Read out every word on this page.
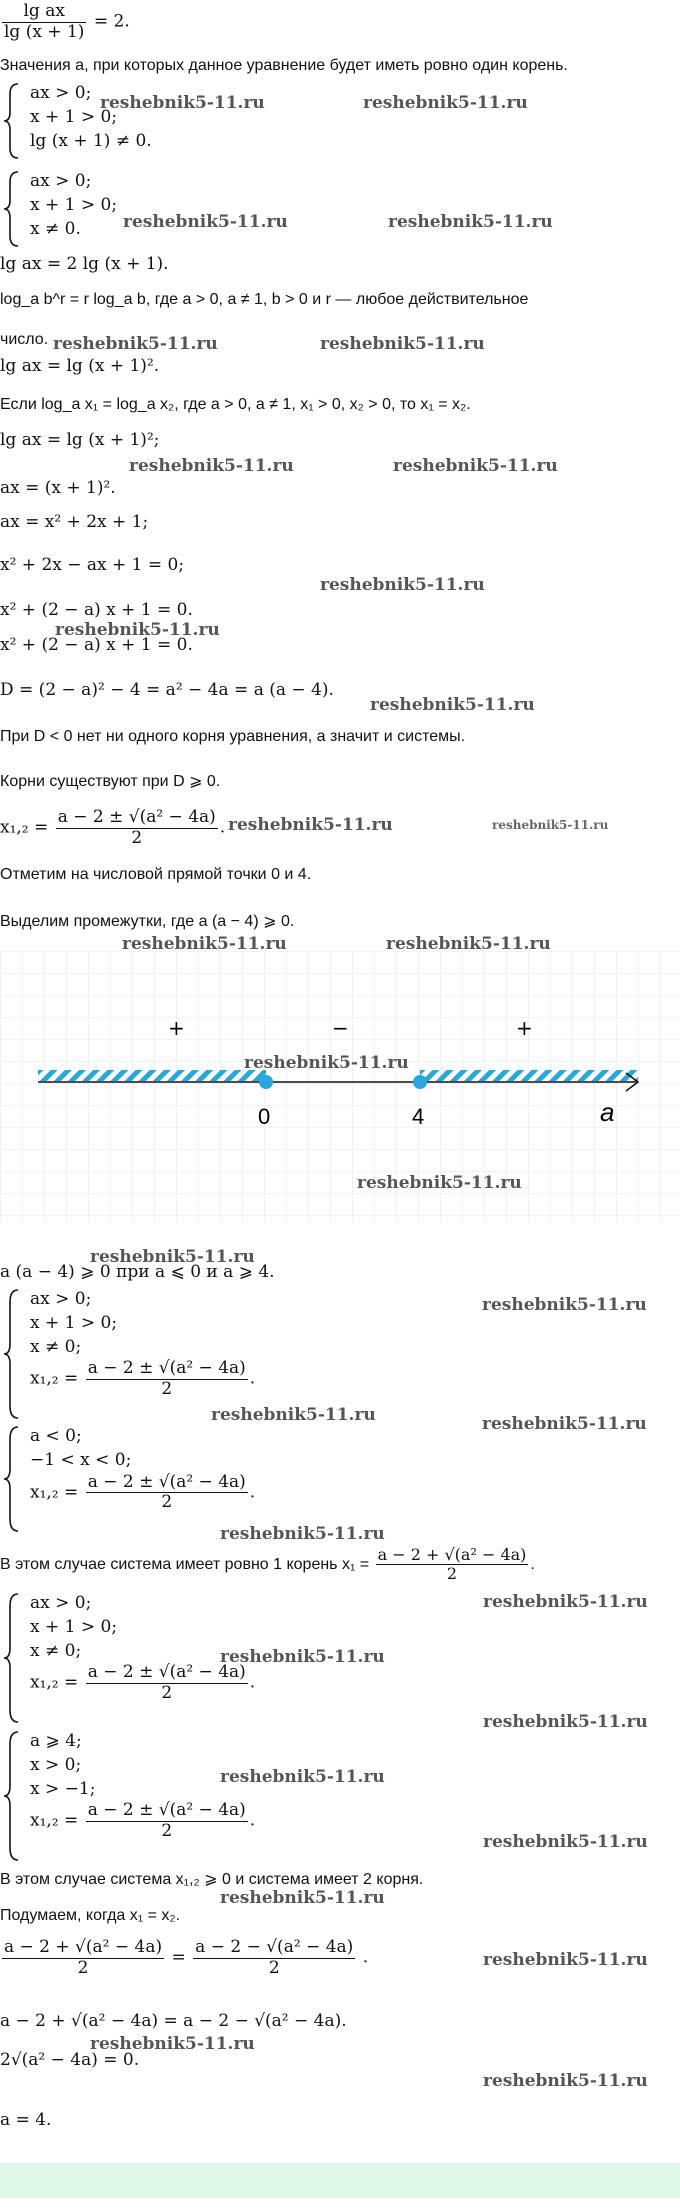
$\frac{\text{lg ax}}{\lg (x + 1)} = 2$.
Значения a, при которых данное уравнение будет иметь ровно один корень.
ax > 0;
x + 1 > 0;
lg (x + 1) ≠ 0.
ax > 0;
x + 1 > 0;
x ≠ 0.
lg ax = 2 lg (x + 1).
log_a b^r = r log_a b, где a > 0, a ≠ 1, b > 0 и r — любое действительное
число.
lg ax = lg (x + 1)².
Если log_a x₁ = log_a x₂, где a > 0, a ≠ 1, x₁ > 0, x₂ > 0, то x₁ = x₂.
lg ax = lg (x + 1)²;
ax = (x + 1)².
ax = x² + 2x + 1;
x² + 2x − ax + 1 = 0;
x² + (2 − a) x + 1 = 0.
x² + (2 − a) x + 1 = 0.
D = (2 − a)² − 4 = a² − 4a = a (a − 4).
При D < 0 нет ни одного корня уравнения, а значит и системы.
Корни существуют при D ⩾ 0.
$x_1,_2 = \frac{\text{a − 2 ± √(a² − 4a)}}{2}$ .
Отметим на числовой прямой точки 0 и 4.
Выделим промежутки, где a (a − 4) ⩾ 0.
+	−	+
0	4	a
a (a − 4) ⩾ 0 при a ⩽ 0 и a ⩾ 4.
ax > 0;
x + 1 > 0;
x ≠ 0;
$x_1,_2 = \frac{\text{a − 2 ± √(a² − 4a)}}{2}$ .
a < 0;
−1 < x < 0;
$x_1,_2 = \frac{\text{a − 2 ± √(a² − 4a)}}{2}$ .
В этом случае система имеет ровно 1 корень $x_1 = \frac{\text{a − 2 + √(a² − 4a)}}{2}$ .
ax > 0;
x + 1 > 0;
x ≠ 0;
$x_1,_2 = \frac{\text{a − 2 ± √(a² − 4a)}}{2}$ .
a ⩾ 4;
x > 0;
x > −1;
$x_1,_2 = \frac{\text{a − 2 ± √(a² − 4a)}}{2}$ .
В этом случае система x₁,₂ ⩾ 0 и система имеет 2 корня.
Подумаем, когда x₁ = x₂.
$\frac{\text{a − 2 + √(a² − 4a)}}{2} = \frac{\text{a − 2 − √(a² − 4a)}}{2}$ .
a − 2 + √(a² − 4a) = a − 2 − √(a² − 4a).
2√(a² − 4a) = 0.
a = 4.
reshebnik5-11.ru	reshebnik5-11.ru
reshebnik5-11.ru	reshebnik5-11.ru
reshebnik5-11.ru	reshebnik5-11.ru
reshebnik5-11.ru	reshebnik5-11.ru
reshebnik5-11.ru
reshebnik5-11.ru
reshebnik5-11.ru
reshebnik5-11.ru	reshebnik5-11.ru
reshebnik5-11.ru	reshebnik5-11.ru
reshebnik5-11.ru
reshebnik5-11.ru
reshebnik5-11.ru
reshebnik5-11.ru
reshebnik5-11.ru	reshebnik5-11.ru
reshebnik5-11.ru
reshebnik5-11.ru
reshebnik5-11.ru
reshebnik5-11.ru
reshebnik5-11.ru
reshebnik5-11.ru
reshebnik5-11.ru
reshebnik5-11.ru
reshebnik5-11.ru
reshebnik5-11.ru
